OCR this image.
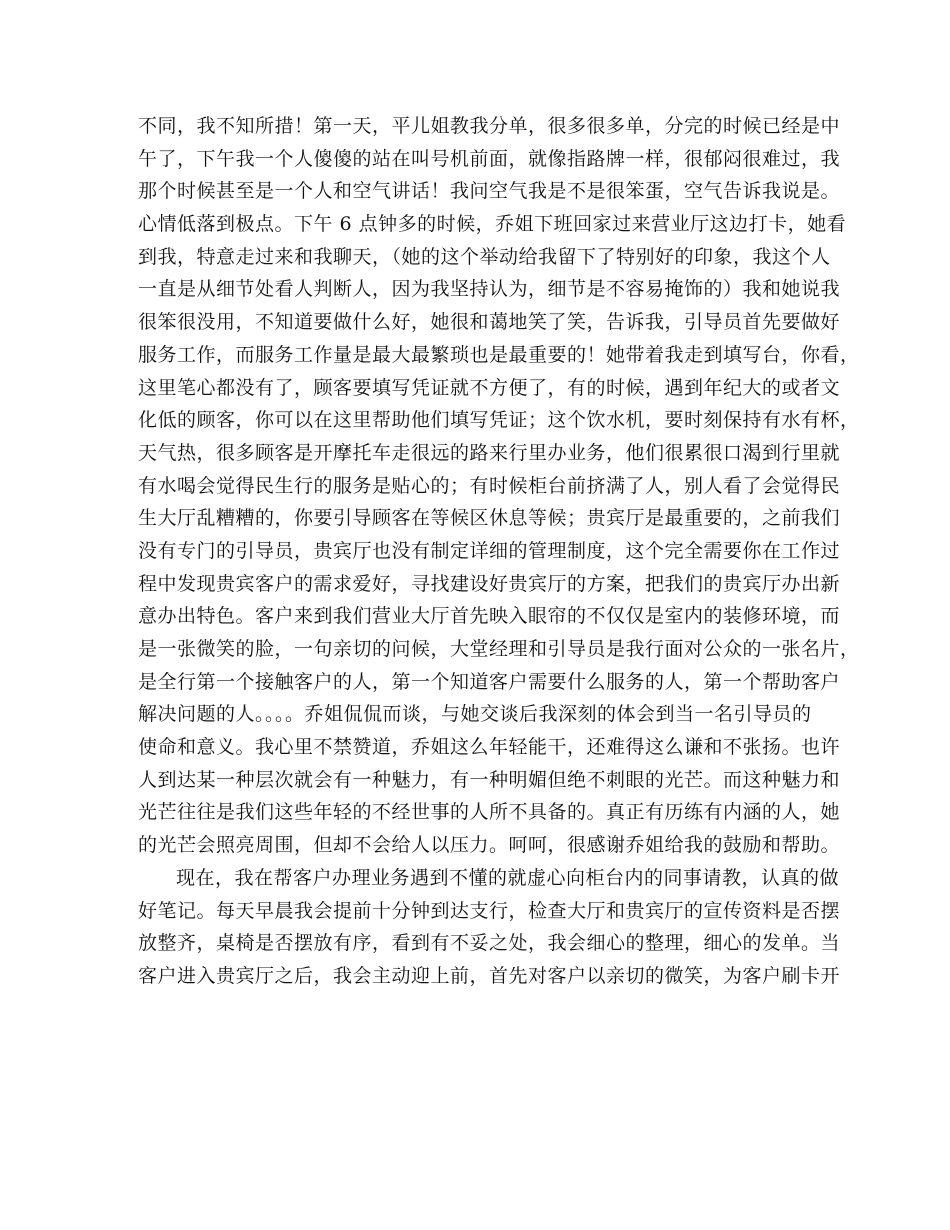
不同，我不知所措！第一天，平儿姐教我分单，很多很多单，分完的时候已经是中
午了，下午我一个人傻傻的站在叫号机前面，就像指路牌一样，很郁闷很难过，我
那个时候甚至是一个人和空气讲话！我问空气我是不是很笨蛋，空气告诉我说是。
心情低落到极点。下午 6 点钟多的时候，乔姐下班回家过来营业厅这边打卡，她看
到我，特意走过来和我聊天，（她的这个举动给我留下了特别好的印象，我这个人
一直是从细节处看人判断人，因为我坚持认为，细节是不容易掩饰的）我和她说我
很笨很没用，不知道要做什么好，她很和蔼地笑了笑，告诉我，引导员首先要做好
服务工作，而服务工作量是最大最繁琐也是最重要的！她带着我走到填写台，你看，
这里笔心都没有了，顾客要填写凭证就不方便了，有的时候，遇到年纪大的或者文
化低的顾客，你可以在这里帮助他们填写凭证；这个饮水机，要时刻保持有水有杯，
天气热，很多顾客是开摩托车走很远的路来行里办业务，他们很累很口渴到行里就
有水喝会觉得民生行的服务是贴心的；有时候柜台前挤满了人，别人看了会觉得民
生大厅乱糟糟的，你要引导顾客在等候区休息等候；贵宾厅是最重要的，之前我们
没有专门的引导员，贵宾厅也没有制定详细的管理制度，这个完全需要你在工作过
程中发现贵宾客户的需求爱好，寻找建设好贵宾厅的方案，把我们的贵宾厅办出新
意办出特色。客户来到我们营业大厅首先映入眼帘的不仅仅是室内的装修环境，而
是一张微笑的脸，一句亲切的问候，大堂经理和引导员是我行面对公众的一张名片，
是全行第一个接触客户的人，第一个知道客户需要什么服务的人，第一个帮助客户
解决问题的人。。。。乔姐侃侃而谈，与她交谈后我深刻的体会到当一名引导员的
使命和意义。我心里不禁赞道，乔姐这么年轻能干，还难得这么谦和不张扬。也许
人到达某一种层次就会有一种魅力，有一种明媚但绝不刺眼的光芒。而这种魅力和
光芒往往是我们这些年轻的不经世事的人所不具备的。真正有历练有内涵的人，她
的光芒会照亮周围，但却不会给人以压力。呵呵，很感谢乔姐给我的鼓励和帮助。
现在，我在帮客户办理业务遇到不懂的就虚心向柜台内的同事请教，认真的做
好笔记。每天早晨我会提前十分钟到达支行，检查大厅和贵宾厅的宣传资料是否摆
放整齐，桌椅是否摆放有序，看到有不妥之处，我会细心的整理，细心的发单。当
客户进入贵宾厅之后，我会主动迎上前，首先对客户以亲切的微笑，为客户刷卡开
